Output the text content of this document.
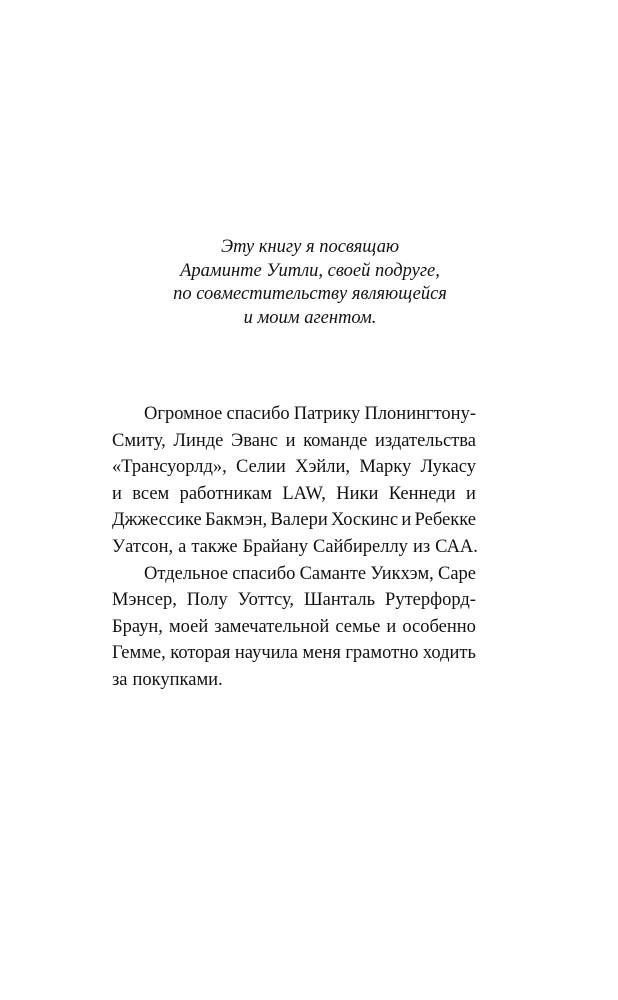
Эту книгу я посвящаю
Араминте Уитли, своей подруге,
по совместительству являющейся
и моим агентом.
Огромное спасибо Патрику Плонингтону-
Смиту, Линде Эванс и команде издательства
«Трансуорлд», Селии Хэйли, Марку Лукасу
и всем работникам LAW, Ники Кеннеди и
Джжессике Бакмэн, Валери Хоскинс и Ребекке
Уатсон, а также Брайану Сайбиреллу из САА.
Отдельное спасибо Саманте Уикхэм, Саре
Мэнсер, Полу Уоттсу, Шанталь Рутерфорд-
Браун, моей замечательной семье и особенно
Гемме, которая научила меня грамотно ходить
за покупками.
